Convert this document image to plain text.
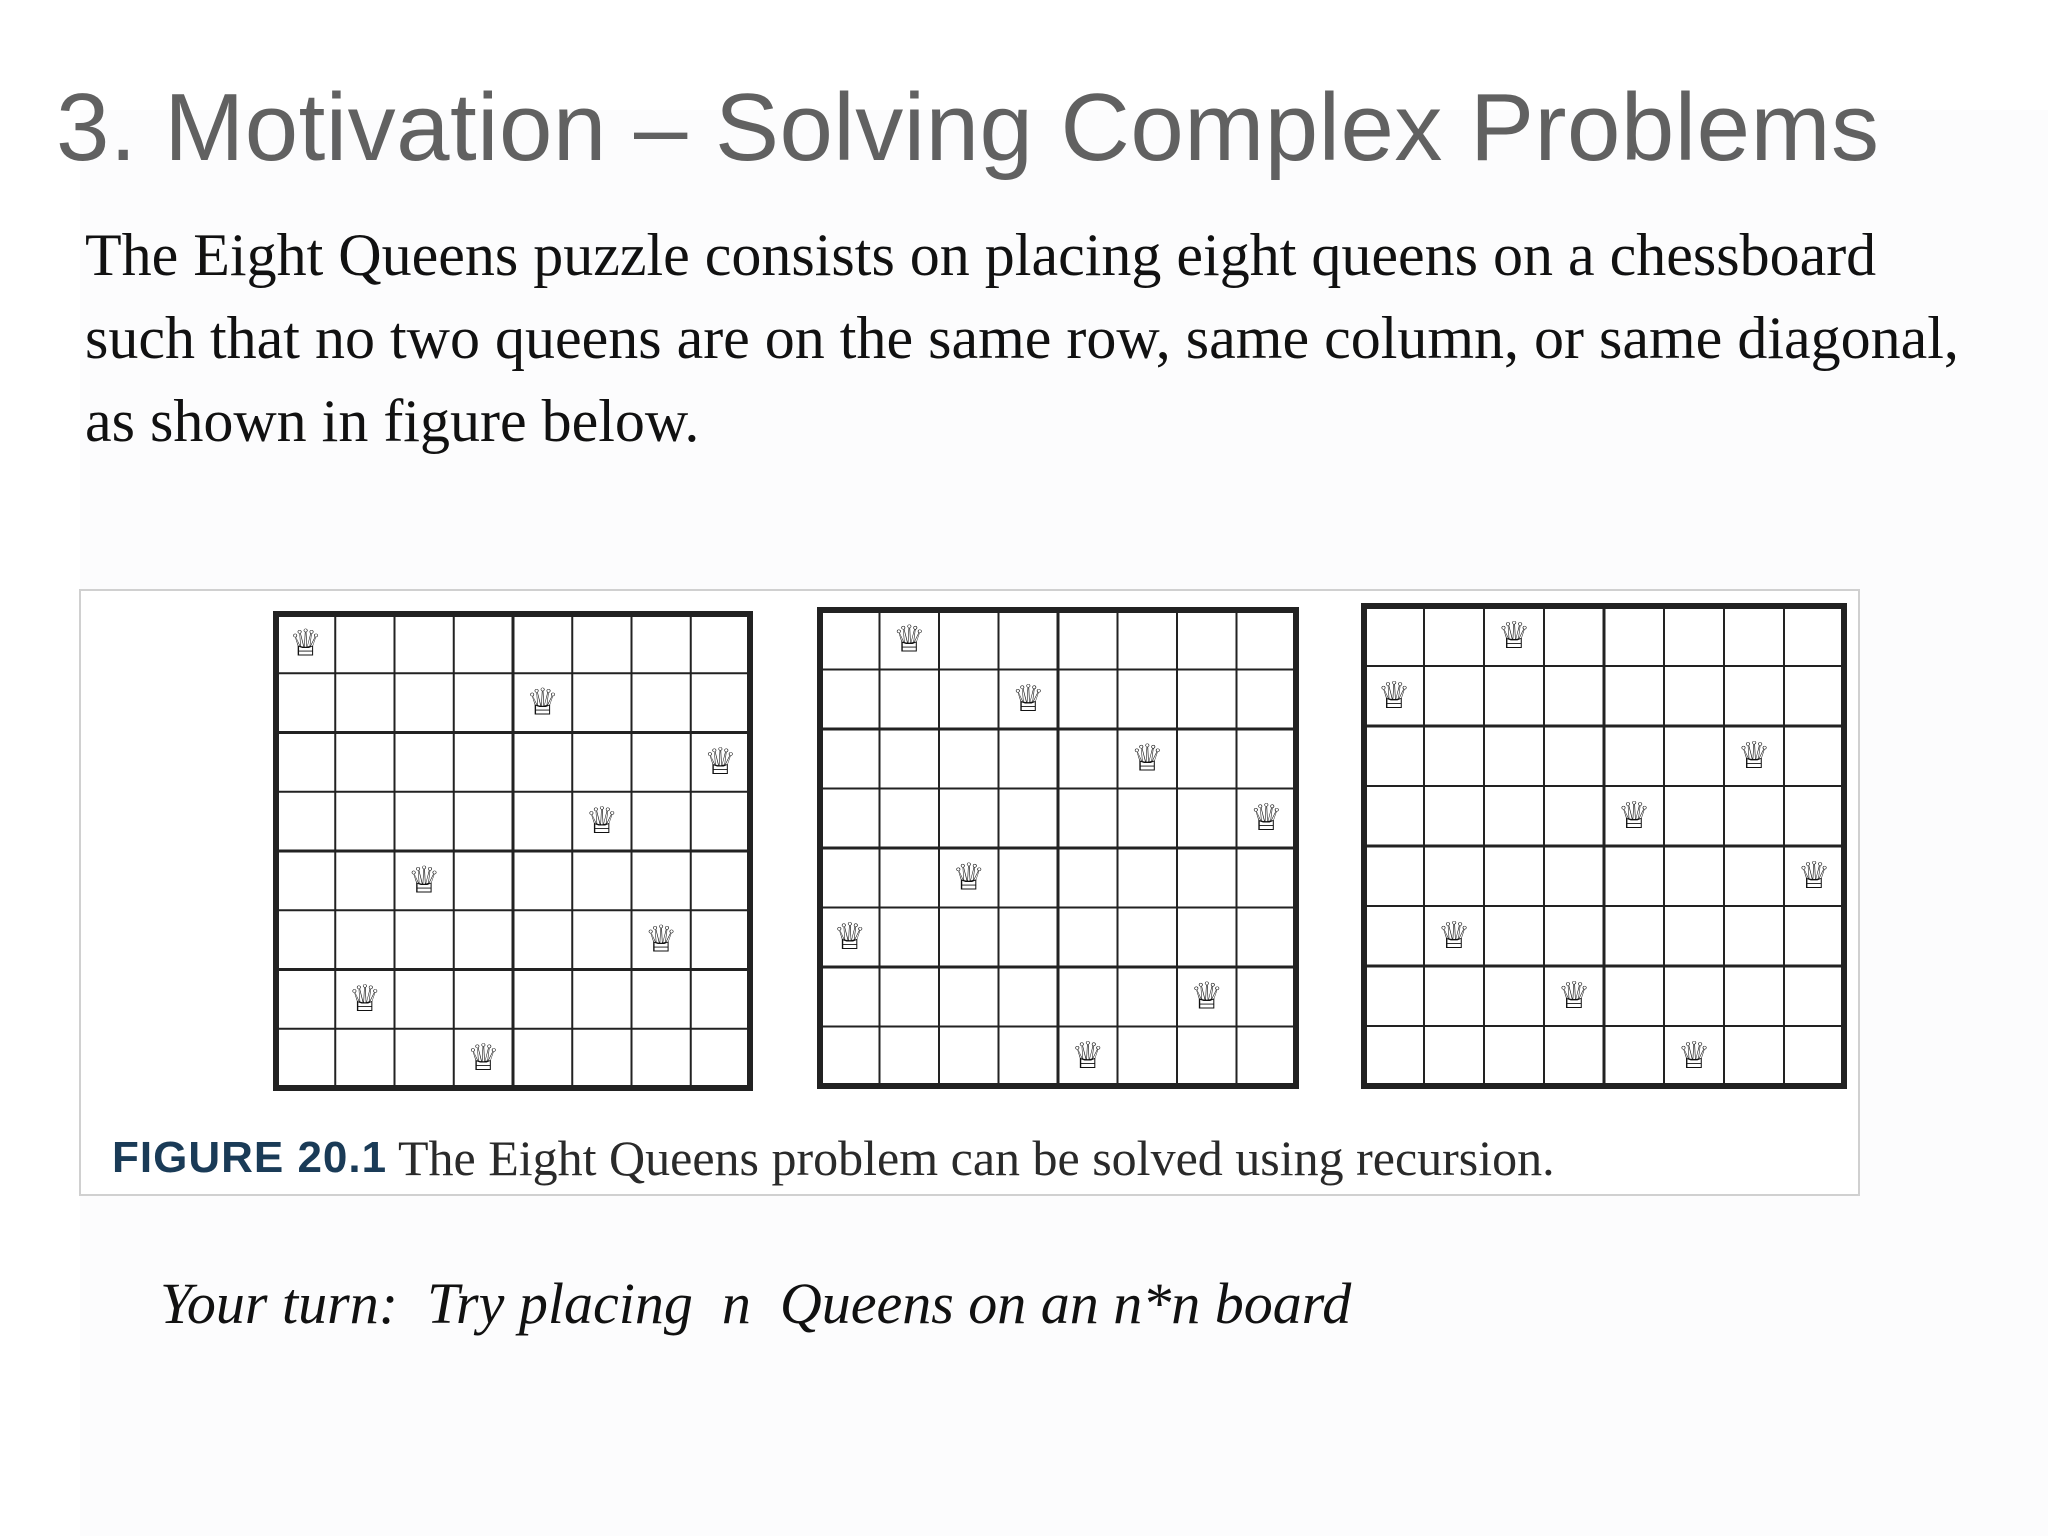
3. Motivation – Solving Complex Problems

The Eight Queens puzzle consists on placing eight queens on a chessboard such that no two queens are on the same row, same column, or same diagonal, as shown in figure below.

♕
♕
♕
♕
♕
♕
♕
♕
♕
♕
♕
♕
♕
♕
♕
♕
♕
♕
♕
♕
♕
♕
♕
♕
FIGURE 20.1 The Eight Queens problem can be solved using recursion.
Your turn:  Try placing  n  Queens on an n*n board
